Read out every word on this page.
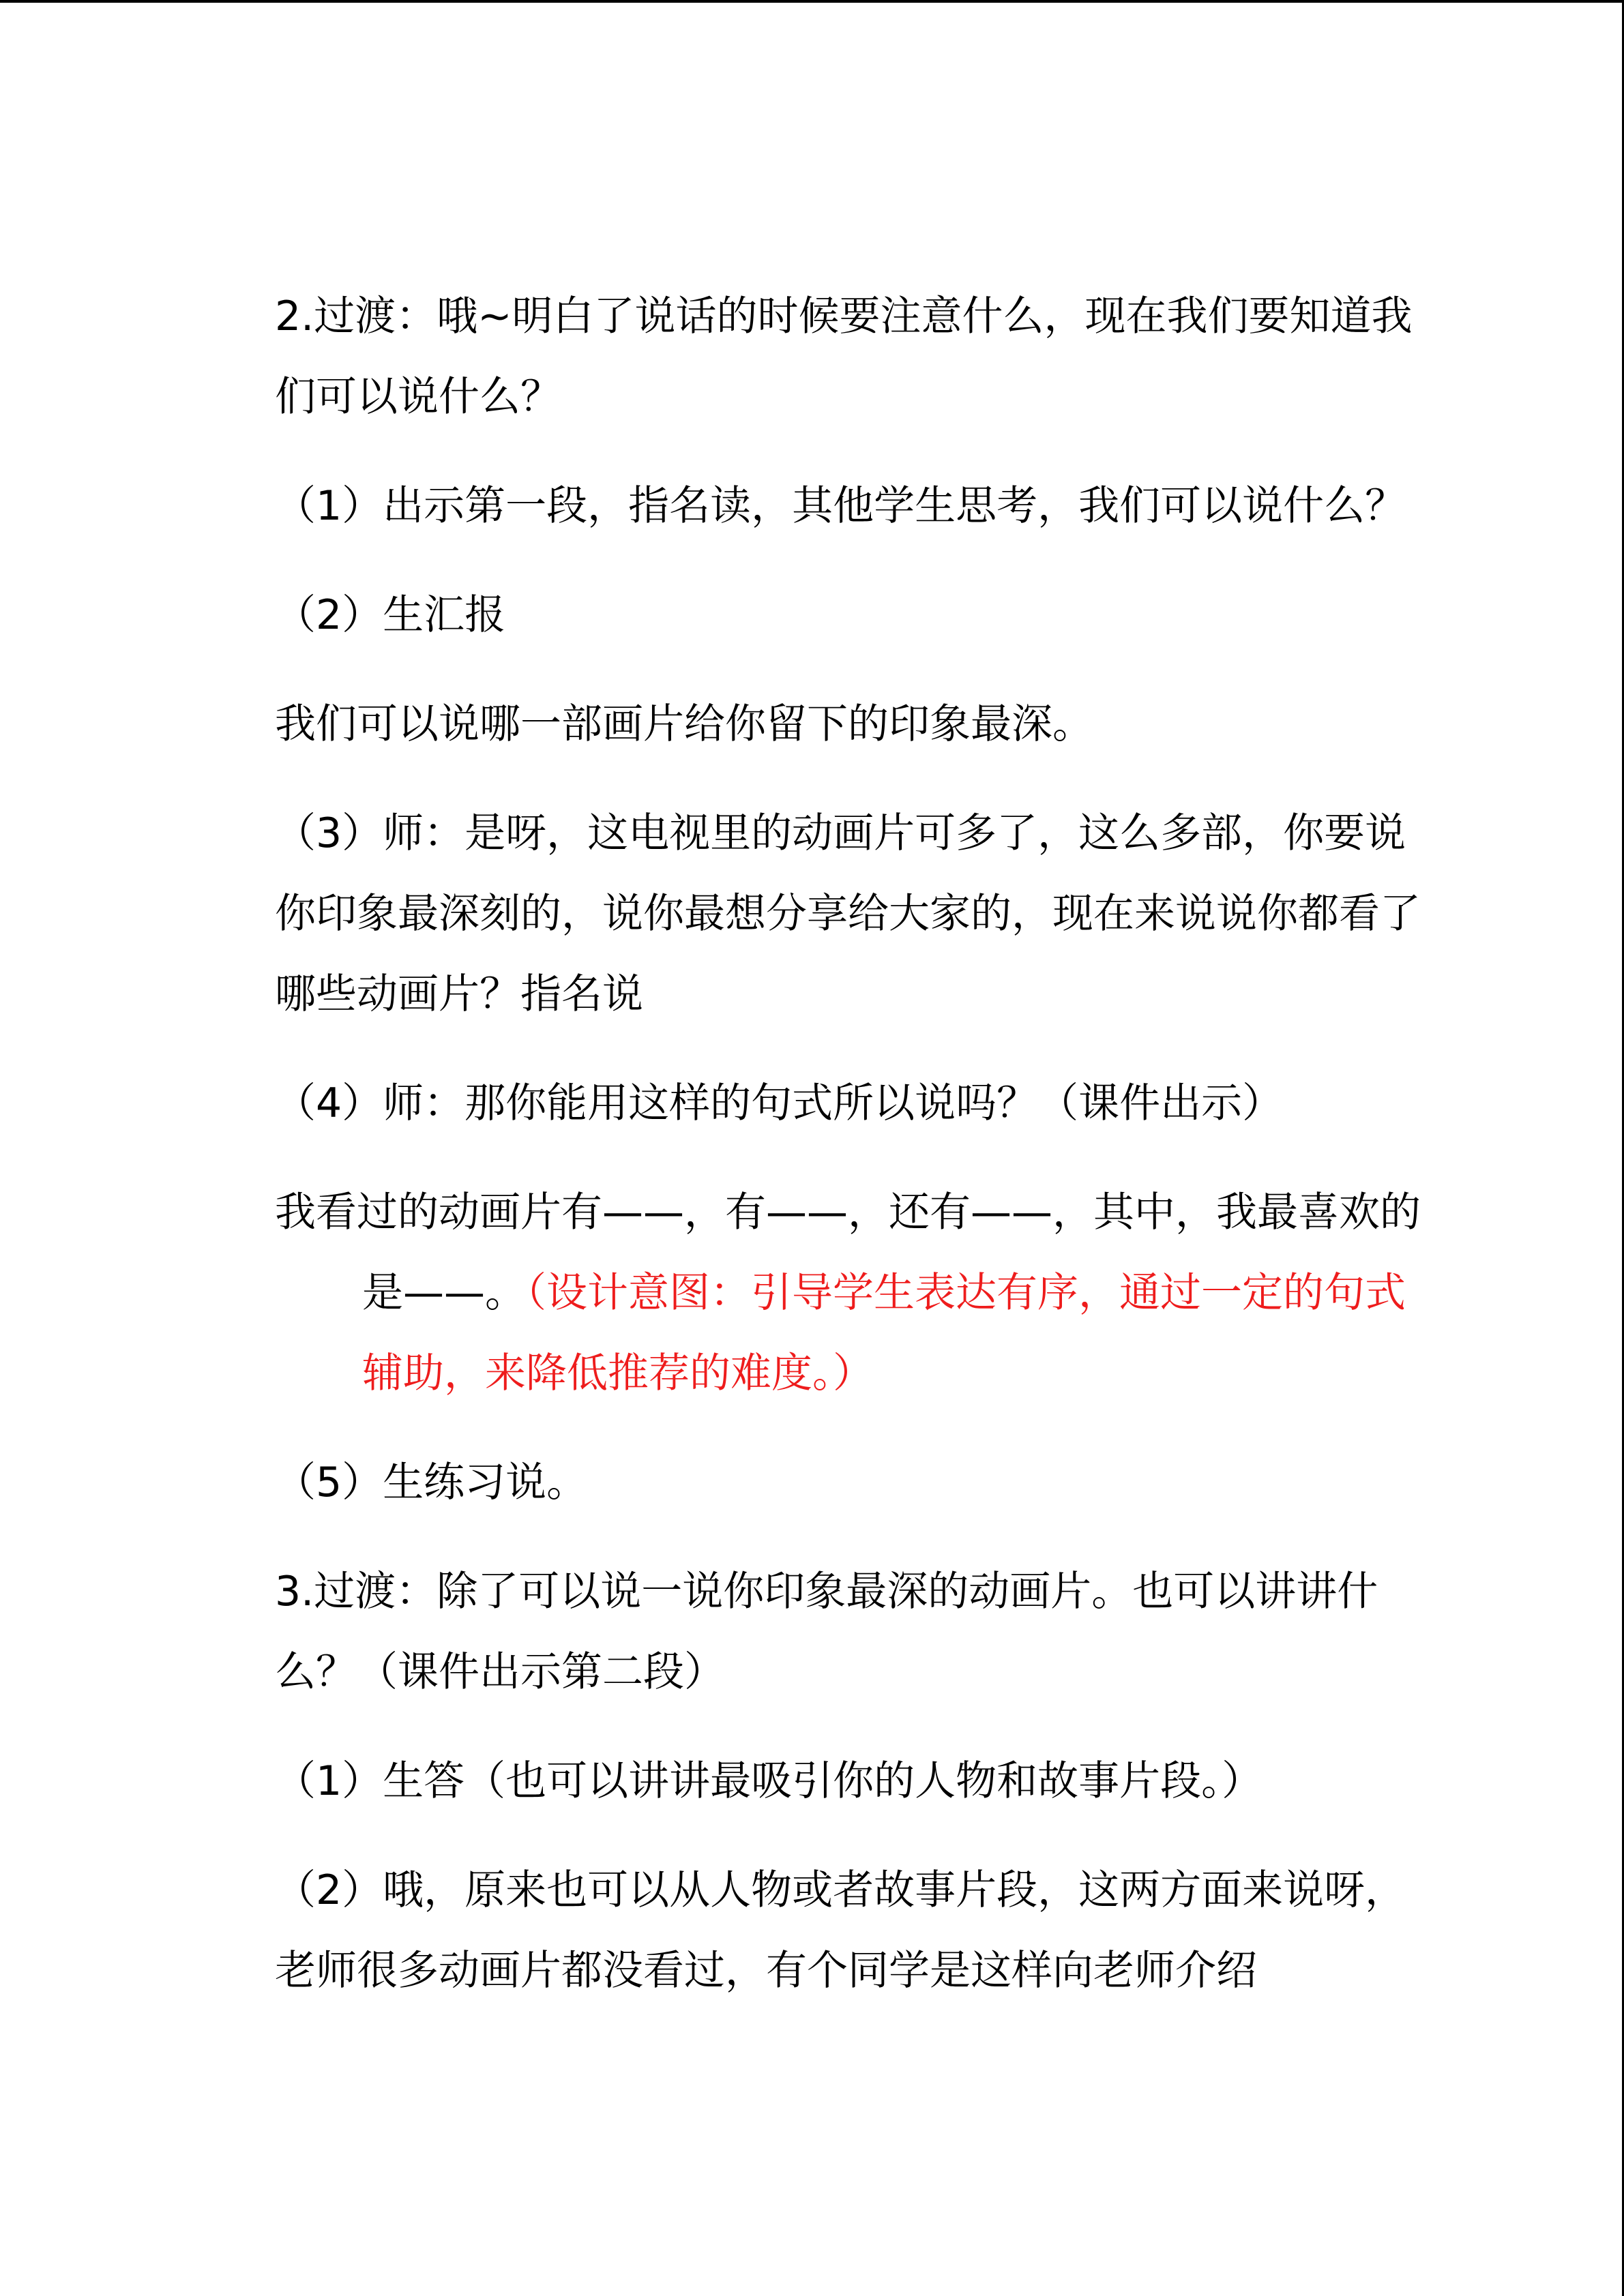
2.过渡：哦~明白了说话的时候要注意什么，现在我们要知道我们可以说什么？

（1）出示第一段，指名读，其他学生思考，我们可以说什么？

（2）生汇报

我们可以说哪一部画片给你留下的印象最深。

（3）师：是呀，这电视里的动画片可多了，这么多部，你要说你印象最深刻的，说你最想分享给大家的，现在来说说你都看了哪些动画片？指名说

（4）师：那你能用这样的句式所以说吗？（课件出示）

我看过的动画片有——，有——，还有——，其中，我最喜欢的是——。（设计意图：引导学生表达有序，通过一定的句式辅助，来降低推荐的难度。）

（5）生练习说。

3.过渡：除了可以说一说你印象最深的动画片。也可以讲讲什么？（课件出示第二段）

（1）生答（也可以讲讲最吸引你的人物和故事片段。）

（2）哦，原来也可以从人物或者故事片段，这两方面来说呀，老师很多动画片都没看过，有个同学是这样向老师介绍
